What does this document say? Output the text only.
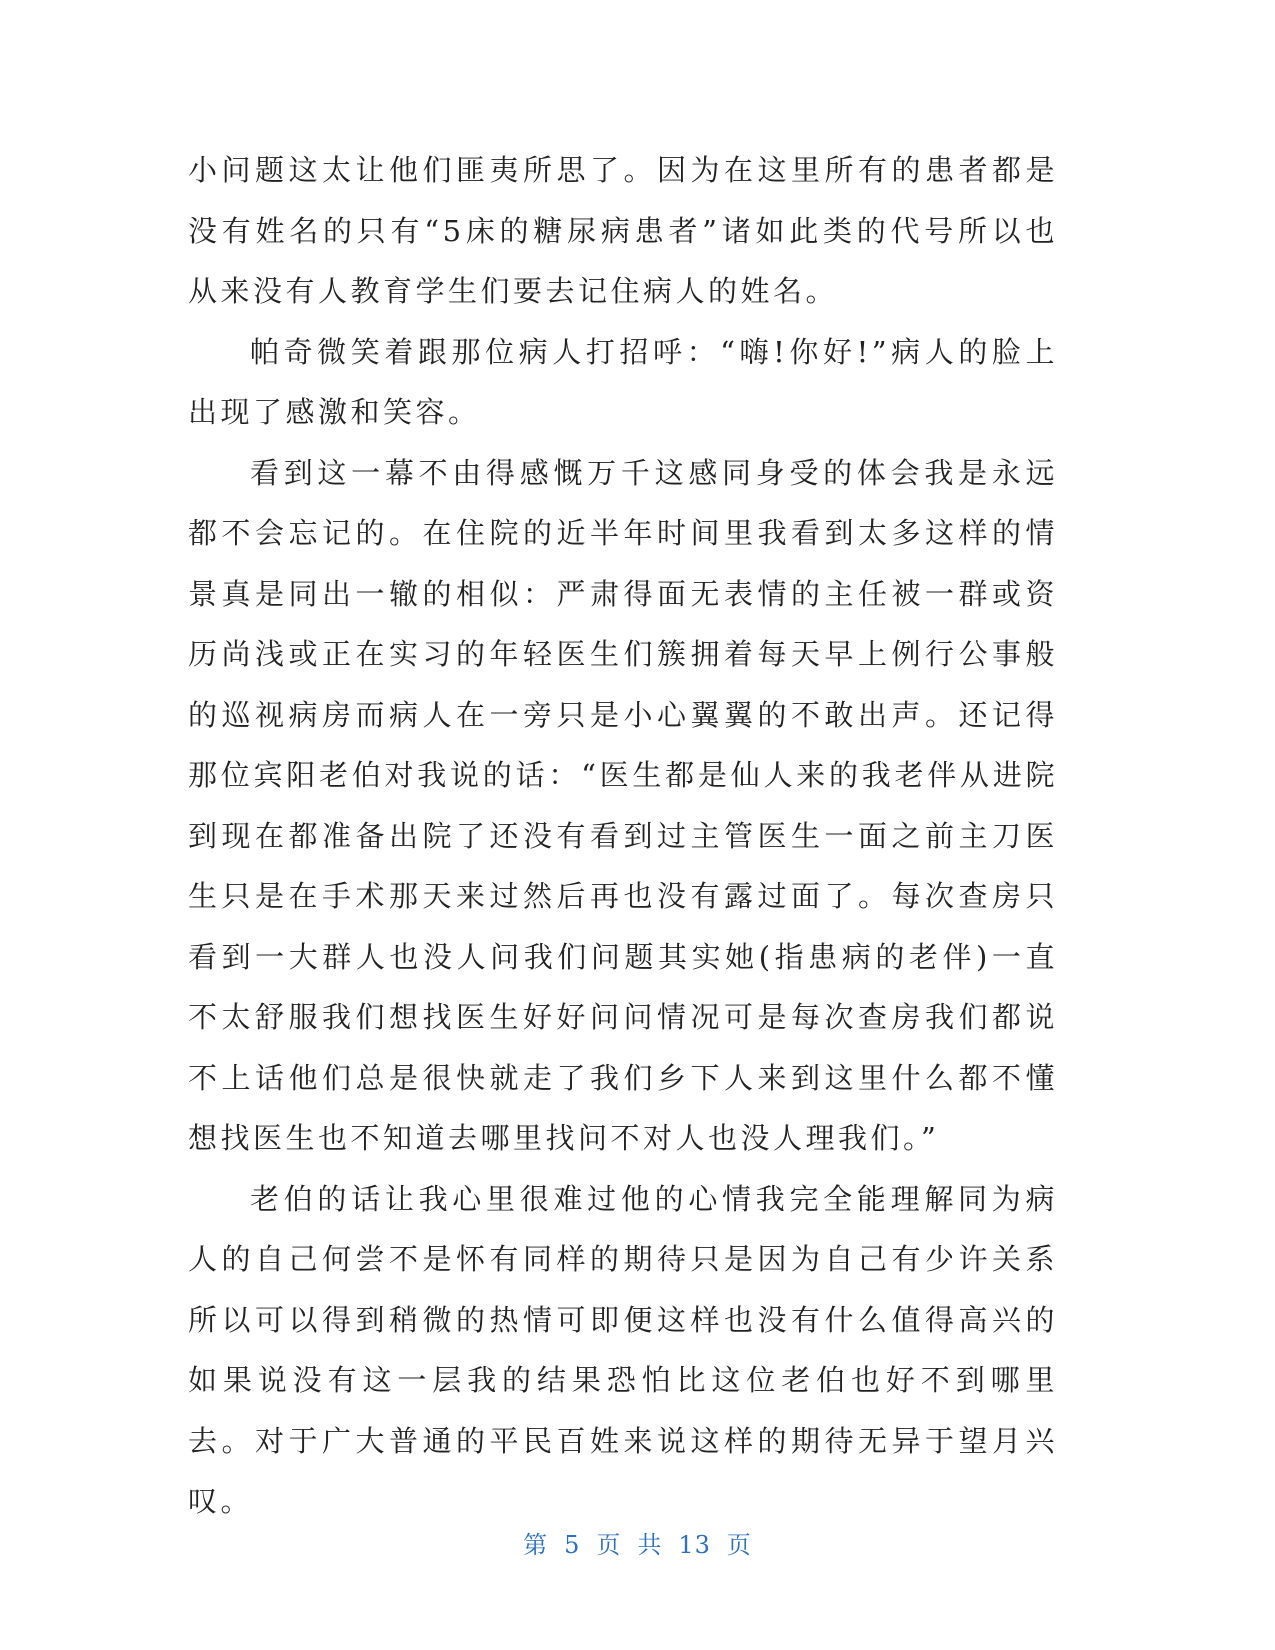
小问题这太让他们匪夷所思了。因为在这里所有的患者都是没有姓名的只有“5床的糖尿病患者”诸如此类的代号所以也从来没有人教育学生们要去记住病人的姓名。

帕奇微笑着跟那位病人打招呼：“嗨!你好!”病人的脸上出现了感激和笑容。

看到这一幕不由得感慨万千这感同身受的体会我是永远都不会忘记的。在住院的近半年时间里我看到太多这样的情景真是同出一辙的相似：严肃得面无表情的主任被一群或资历尚浅或正在实习的年轻医生们簇拥着每天早上例行公事般的巡视病房而病人在一旁只是小心翼翼的不敢出声。还记得那位宾阳老伯对我说的话：“医生都是仙人来的我老伴从进院到现在都准备出院了还没有看到过主管医生一面之前主刀医生只是在手术那天来过然后再也没有露过面了。每次查房只看到一大群人也没人问我们问题其实她(指患病的老伴)一直不太舒服我们想找医生好好问问情况可是每次查房我们都说不上话他们总是很快就走了我们乡下人来到这里什么都不懂想找医生也不知道去哪里找问不对人也没人理我们。”

老伯的话让我心里很难过他的心情我完全能理解同为病人的自己何尝不是怀有同样的期待只是因为自己有少许关系所以可以得到稍微的热情可即便这样也没有什么值得高兴的如果说没有这一层我的结果恐怕比这位老伯也好不到哪里去。对于广大普通的平民百姓来说这样的期待无异于望月兴叹。

第 5 页 共 13 页
